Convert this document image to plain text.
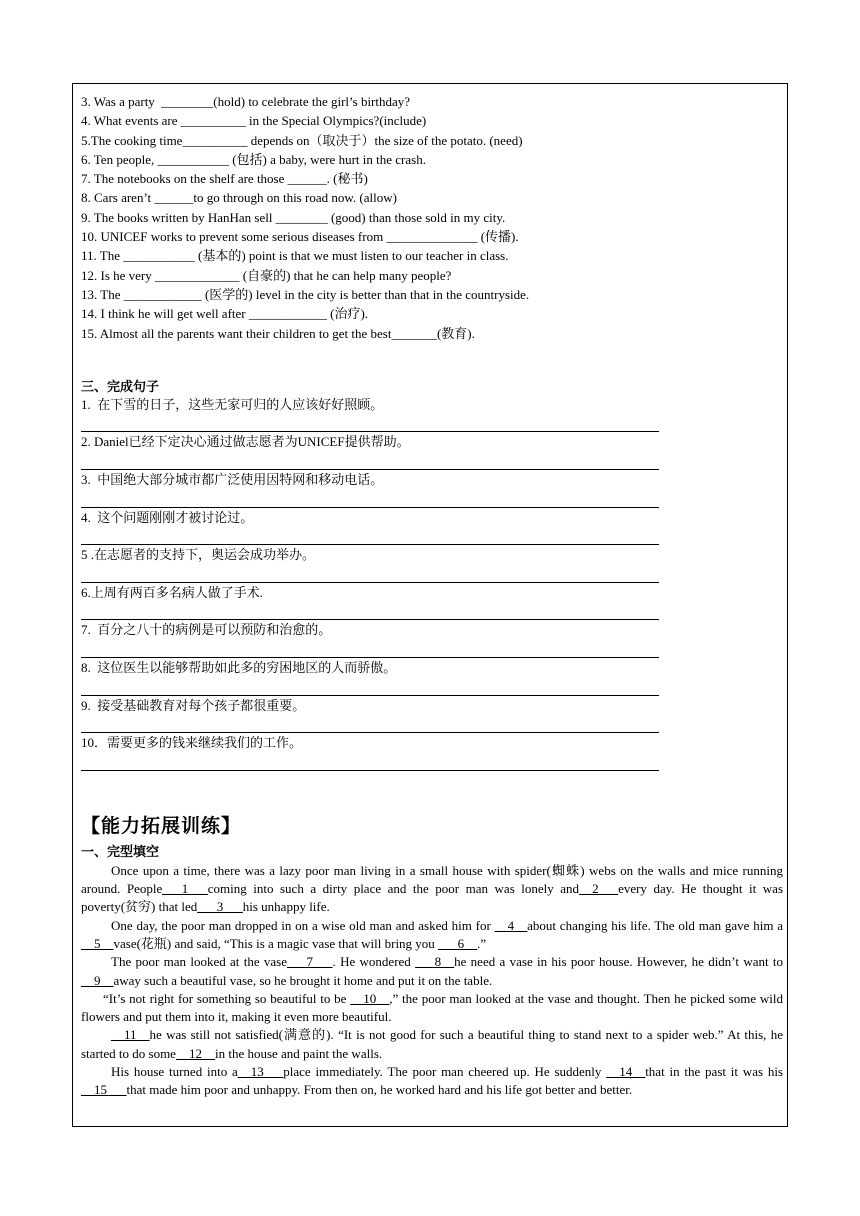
3. Was a party  ________(hold) to celebrate the girl’s birthday?
4. What events are __________ in the Special Olympics?(include)
5.The cooking time__________ depends on（取决于）the size of the potato. (need)
6. Ten people, ___________ (包括) a baby, were hurt in the crash.
7. The notebooks on the shelf are those ______. (秘书)
8. Cars aren’t ______to go through on this road now. (allow)
9. The books written by HanHan sell ________ (good) than those sold in my city.
10. UNICEF works to prevent some serious diseases from ______________ (传播).
11. The ___________ (基本的) point is that we must listen to our teacher in class.
12. Is he very _____________ (自豪的) that he can help many people?
13. The ____________ (医学的) level in the city is better than that in the countryside.
14. I think he will get well after ____________ (治疗).
15. Almost all the parents want their children to get the best_______(教育).
三、完成句子
1.  在下雪的日子，这些无家可归的人应该好好照顾。
2. Daniel已经下定决心通过做志愿者为UNICEF提供帮助。
3.  中国绝大部分城市都广泛使用因特网和移动电话。
4.  这个问题刚刚才被讨论过。
5 .在志愿者的支持下，奥运会成功举办。
6.上周有两百多名病人做了手术.
7.  百分之八十的病例是可以预防和治愈的。
8.  这位医生以能够帮助如此多的穷困地区的人而骄傲。
9.  接受基础教育对每个孩子都很重要。
10．需要更多的钱来继续我们的工作。
【能力拓展训练】
一、完型填空

Once upon a time, there was a lazy poor man living in a small house with spider(蜘蛛) webs on the walls and mice running around. People___1___coming into such a dirty place and the poor man was lonely and__2___every day. He thought it was poverty(贫穷) that led___3___his unhappy life.

One day, the poor man dropped in on a wise old man and asked him for __4__about changing his life. The old man gave him a __5__vase(花瓶) and said, “This is a magic vase that will bring you ___6__.”

The poor man looked at the vase___7___. He wondered ___8__he need a vase in his poor house. However, he didn’t want to __9__away such a beautiful vase, so he brought it home and put it on the table.

“It’s not right for something so beautiful to be __10__,” the poor man looked at the vase and thought. Then he picked some wild flowers and put them into it, making it even more beautiful.

__11__he was still not satisfied(满意的). “It is not good for such a beautiful thing to stand next to a spider web.” At this, he started to do some__12__in the house and paint the walls.

His house turned into a__13___place immediately. The poor man cheered up. He suddenly __14__that in the past it was his __15___that made him poor and unhappy. From then on, he worked hard and his life got better and better.
